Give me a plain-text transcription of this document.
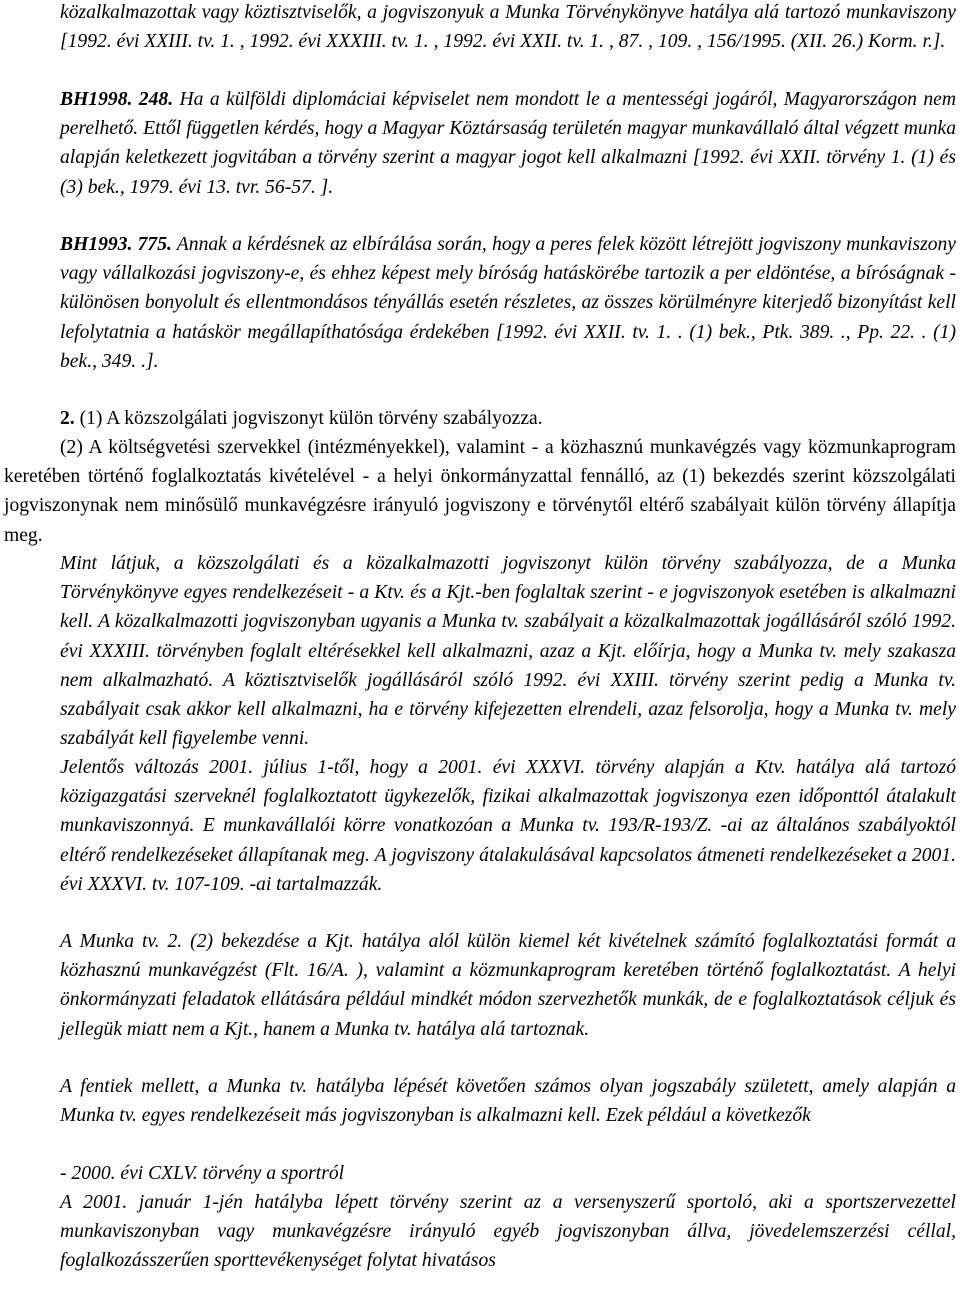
közalkalmazottak vagy köztisztviselők, a jogviszonyuk a Munka Törvénykönyve hatálya alá tartozó munkaviszony [1992. évi XXIII. tv. 1. , 1992. évi XXXIII. tv. 1. , 1992. évi XXII. tv. 1. , 87. , 109. , 156/1995. (XII. 26.) Korm. r.].
BH1998. 248. Ha a külföldi diplomáciai képviselet nem mondott le a mentességi jogáról, Magyarországon nem perelhető. Ettől független kérdés, hogy a Magyar Köztársaság területén magyar munkavállaló által végzett munka alapján keletkezett jogvitában a törvény szerint a magyar jogot kell alkalmazni [1992. évi XXII. törvény 1. (1) és (3) bek., 1979. évi 13. tvr. 56-57. ].
BH1993. 775. Annak a kérdésnek az elbírálása során, hogy a peres felek között létrejött jogviszony munkaviszony vagy vállalkozási jogviszony-e, és ehhez képest mely bíróság hatáskörébe tartozik a per eldöntése, a bíróságnak - különösen bonyolult és ellentmondásos tényállás esetén részletes, az összes körülményre kiterjedő bizonyítást kell lefolytatnia a hatáskör megállapíthatósága érdekében [1992. évi XXII. tv. 1. . (1) bek., Ptk. 389. ., Pp. 22. . (1) bek., 349. .].
2. (1) A közszolgálati jogviszonyt külön törvény szabályozza.
(2) A költségvetési szervekkel (intézményekkel), valamint - a közhasznú munkavégzés vagy közmunkaprogram keretében történő foglalkoztatás kivételével - a helyi önkormányzattal fennálló, az (1) bekezdés szerint közszolgálati jogviszonynak nem minősülő munkavégzésre irányuló jogviszony e törvénytől eltérő szabályait külön törvény állapítja meg.
Mint látjuk, a közszolgálati és a közalkalmazotti jogviszonyt külön törvény szabályozza, de a Munka Törvénykönyve egyes rendelkezéseit - a Ktv. és a Kjt.-ben foglaltak szerint - e jogviszonyok esetében is alkalmazni kell. A közalkalmazotti jogviszonyban ugyanis a Munka tv. szabályait a közalkalmazottak jogállásáról szóló 1992. évi XXXIII. törvényben foglalt eltérésekkel kell alkalmazni, azaz a Kjt. előírja, hogy a Munka tv. mely szakasza nem alkalmazható. A köztisztviselők jogállásáról szóló 1992. évi XXIII. törvény szerint pedig a Munka tv. szabályait csak akkor kell alkalmazni, ha e törvény kifejezetten elrendeli, azaz felsorolja, hogy a Munka tv. mely szabályát kell figyelembe venni.
Jelentős változás 2001. július 1-től, hogy a 2001. évi XXXVI. törvény alapján a Ktv. hatálya alá tartozó közigazgatási szerveknél foglalkoztatott ügykezelők, fizikai alkalmazottak jogviszonya ezen időponttól átalakult munkaviszonnyá. E munkavállalói körre vonatkozóan a Munka tv. 193/R-193/Z. -ai az általános szabályoktól eltérő rendelkezéseket állapítanak meg. A jogviszony átalakulásával kapcsolatos átmeneti rendelkezéseket a 2001. évi XXXVI. tv. 107-109. -ai tartalmazzák.
A Munka tv. 2. (2) bekezdése a Kjt. hatálya alól külön kiemel két kivételnek számító foglalkoztatási formát a közhasznú munkavégzést (Flt. 16/A. ), valamint a közmunkaprogram keretében történő foglalkoztatást. A helyi önkormányzati feladatok ellátására például mindkét módon szervezhetők munkák, de e foglalkoztatások céljuk és jellegük miatt nem a Kjt., hanem a Munka tv. hatálya alá tartoznak.
A fentiek mellett, a Munka tv. hatályba lépését követően számos olyan jogszabály született, amely alapján a Munka tv. egyes rendelkezéseit más jogviszonyban is alkalmazni kell. Ezek például a következők
- 2000. évi CXLV. törvény a sportról
A 2001. január 1-jén hatályba lépett törvény szerint az a versenyszerű sportoló, aki a sportszervezettel munkaviszonyban vagy munkavégzésre irányuló egyéb jogviszonyban állva, jövedelemszerzési céllal, foglalkozásszerűen sporttevékenységet folytat hivatásos
